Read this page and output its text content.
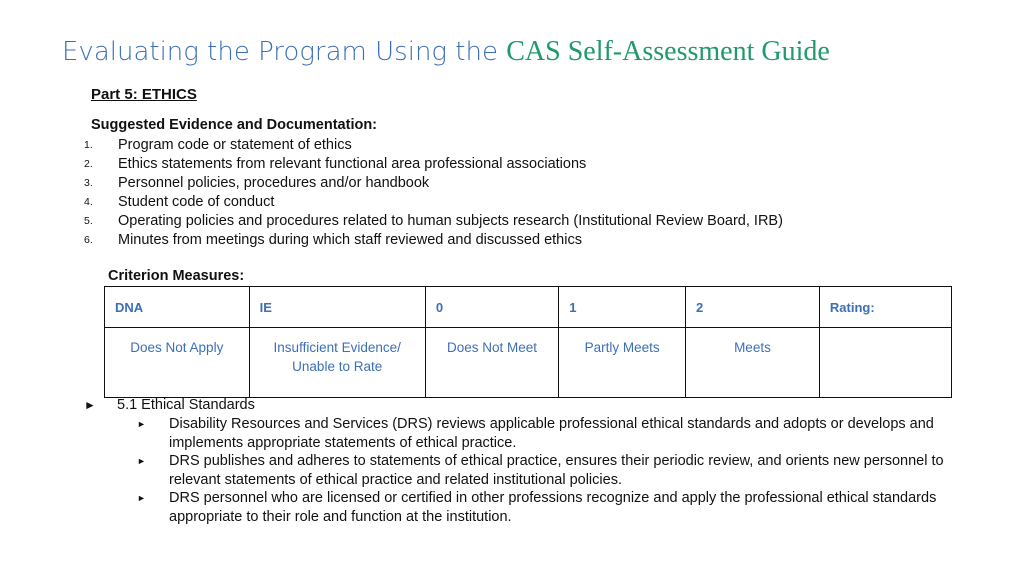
Evaluating the Program Using the CAS Self-Assessment Guide
Part 5: ETHICS
Suggested Evidence and Documentation:
1.	Program code or statement of ethics
2.	Ethics statements from relevant functional area professional associations
3.	Personnel policies, procedures and/or handbook
4.	Student code of conduct
5.	Operating policies and procedures related to human subjects research (Institutional Review Board, IRB)
6.	Minutes from meetings during which staff reviewed and discussed ethics
Criterion Measures:
DNA	IE	0	1	2	Rating:
Does Not Apply	Insufficient Evidence/ Unable to Rate	Does Not Meet	Partly Meets	Meets	
► 5.1 Ethical Standards
► Disability Resources and Services (DRS) reviews applicable professional ethical standards and adopts or develops and implements appropriate statements of ethical practice.
► DRS publishes and adheres to statements of ethical practice, ensures their periodic review, and orients new personnel to relevant statements of ethical practice and related institutional policies.
► DRS personnel who are licensed or certified in other professions recognize and apply the professional ethical standards appropriate to their role and function at the institution.
